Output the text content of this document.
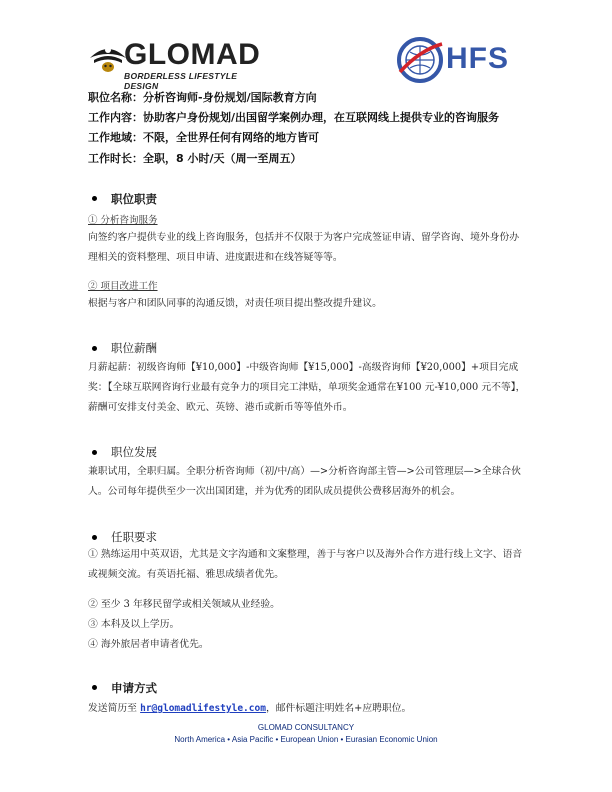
GLOMAD
BORDERLESS LIFESTYLE DESIGN
HFS
职位名称：分析咨询师-身份规划/国际教育方向
工作内容：协助客户身份规划/出国留学案例办理，在互联网线上提供专业的咨询服务
工作地域：不限，全世界任何有网络的地方皆可
工作时长：全职，8 小时/天（周一至周五）
职位职责
① 分析咨询服务
向签约客户提供专业的线上咨询服务，包括并不仅限于为客户完成签证申请、留学咨询、境外身份办理相关的资料整理、项目申请、进度跟进和在线答疑等等。
② 项目改进工作
根据与客户和团队同事的沟通反馈，对责任项目提出整改提升建议。
职位薪酬
月薪起薪：初级咨询师【¥10,000】-中级咨询师【¥15,000】-高级咨询师【¥20,000】+项目完成奖：【全球互联网咨询行业最有竞争力的项目完工津贴，单项奖金通常在¥100 元-¥10,000 元不等】，薪酬可安排支付美金、欧元、英镑、港币或新币等等值外币。
职位发展
兼职试用，全职归属。全职分析咨询师（初/中/高）—>分析咨询部主管—>公司管理层—>全球合伙人。公司每年提供至少一次出国团建，并为优秀的团队成员提供公费移居海外的机会。
任职要求
① 熟练运用中英双语，尤其是文字沟通和文案整理，善于与客户以及海外合作方进行线上文字、语音或视频交流。有英语托福、雅思成绩者优先。
② 至少 3 年移民留学或相关领域从业经验。
③ 本科及以上学历。
④ 海外旅居者申请者优先。
申请方式
发送简历至 hr@glomadlifestyle.com，邮件标题注明姓名+应聘职位。
GLOMAD CONSULTANCY
North America • Asia Pacific • European Union • Eurasian Economic Union
